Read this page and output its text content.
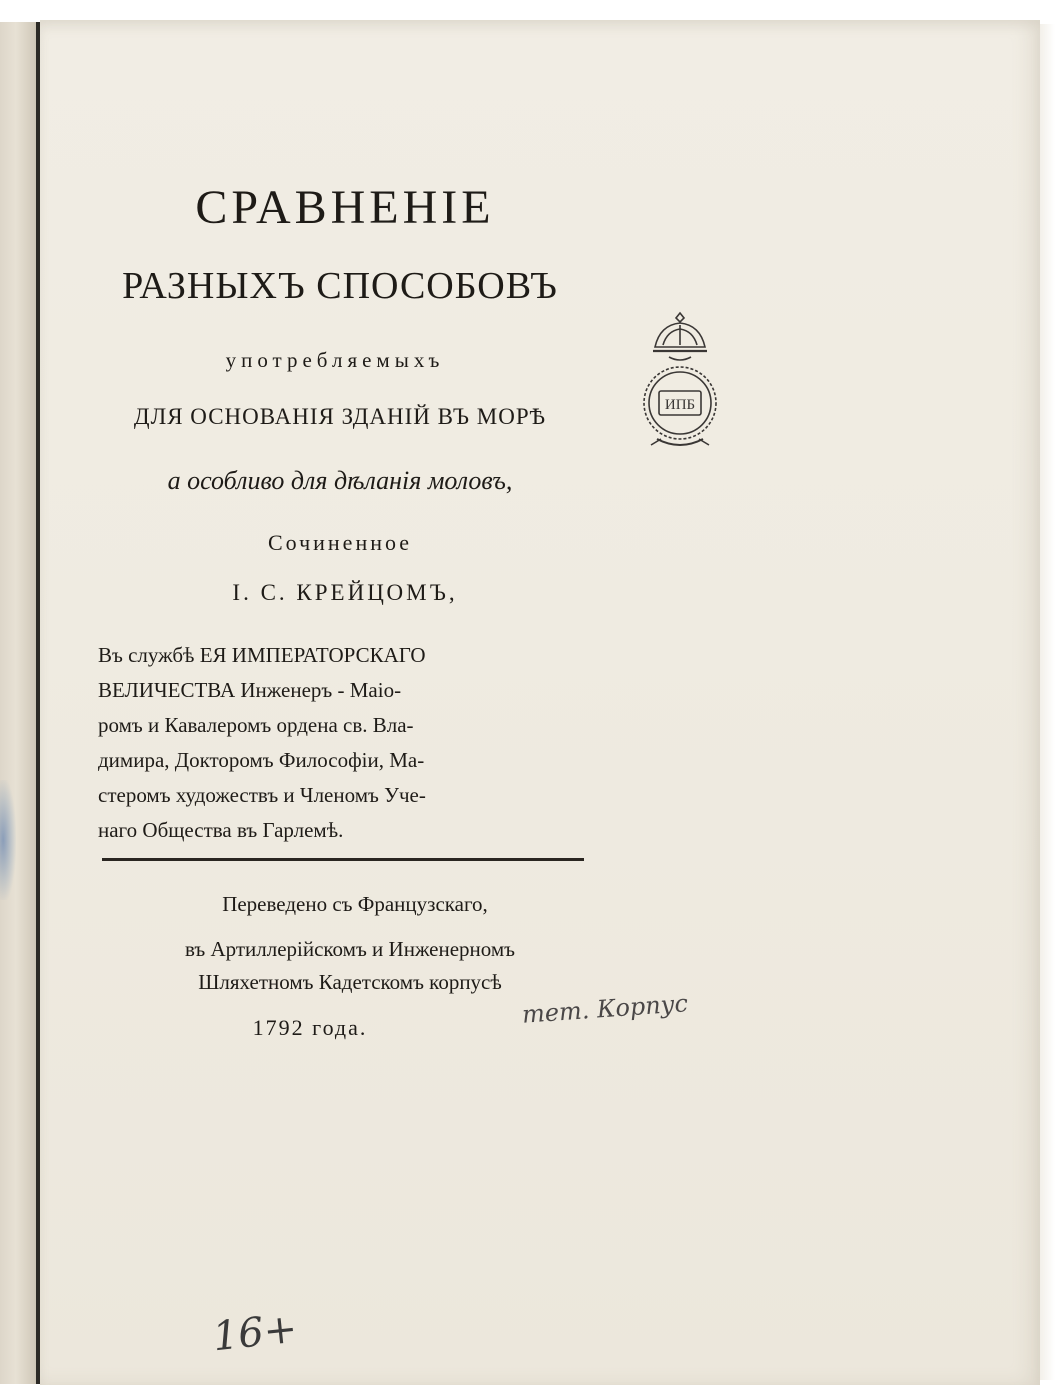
СРАВНЕНІЕ
РАЗНЫХЪ СПОСОБОВЪ
употребляемыхъ
ДЛЯ ОСНОВАНІЯ ЗДАНІЙ ВЪ МОРѢ
а особливо для дѣланія моловъ,
Сочиненное
І. С. КРЕЙЦОМЪ,

Въ службѣ ЕЯ ИМПЕРАТОРСКАГО
ВЕЛИЧЕСТВА Инженеръ - Маіо-
ромъ и Кавалеромъ ордена св. Вла-
димира, Докторомъ Философіи, Ма-
стеромъ художествъ и Членомъ Уче-
наго Общества въ Гарлемѣ.

Переведено съ Французскаго,
въ Артиллерійскомъ и Инженерномъ
Шляхетномъ Кадетскомъ корпусѣ
1792 года.	тет. Корпус
16+
ИПБ
